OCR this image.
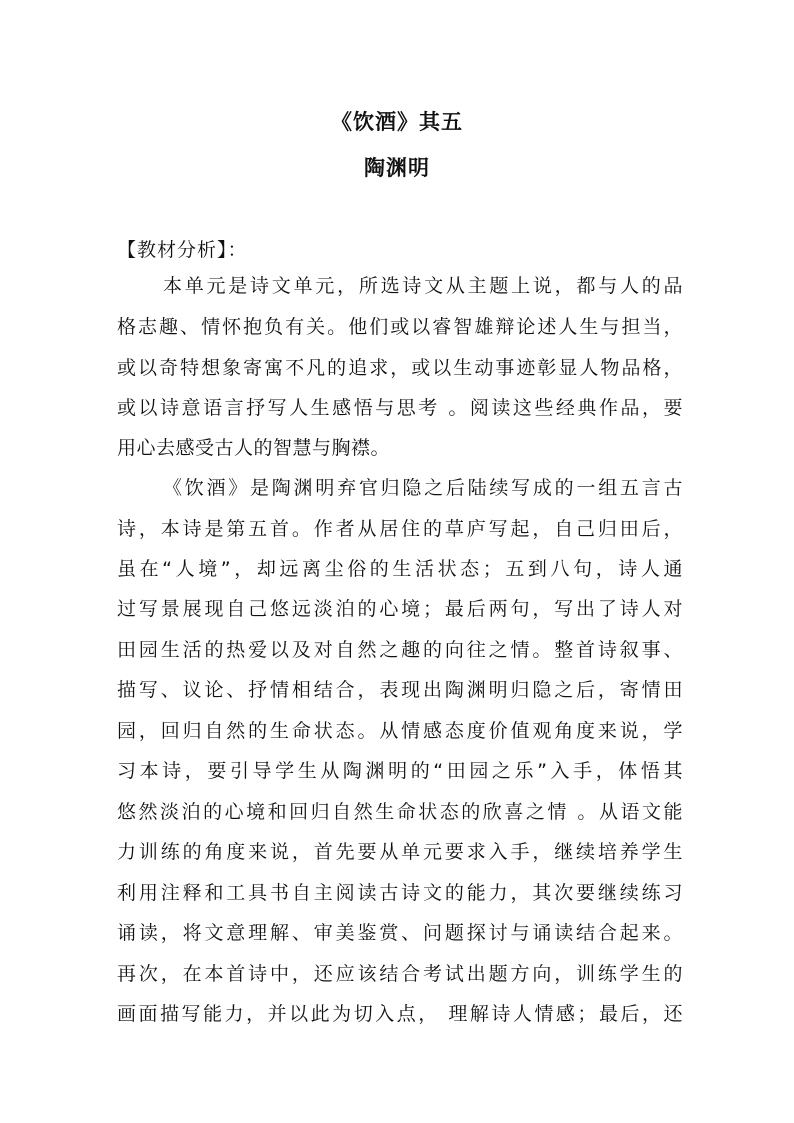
《饮酒》其五
陶渊明
【教材分析】：
本单元是诗文单元，所选诗文从主题上说，都与人的品
格志趣、情怀抱负有关。他们或以睿智雄辩论述人生与担当，
或以奇特想象寄寓不凡的追求，或以生动事迹彰显人物品格，
或以诗意语言抒写人生感悟与思考 。阅读这些经典作品，要
用心去感受古人的智慧与胸襟。
《饮酒》是陶渊明弃官归隐之后陆续写成的一组五言古
诗，本诗是第五首。作者从居住的草庐写起，自己归田后，
虽在“人境”，却远离尘俗的生活状态；五到八句，诗人通
过写景展现自己悠远淡泊的心境；最后两句，写出了诗人对
田园生活的热爱以及对自然之趣的向往之情。整首诗叙事、
描写、议论、抒情相结合，表现出陶渊明归隐之后，寄情田
园，回归自然的生命状态。从情感态度价值观角度来说，学
习本诗，要引导学生从陶渊明的“田园之乐”入手，体悟其
悠然淡泊的心境和回归自然生命状态的欣喜之情 。从语文能
力训练的角度来说，首先要从单元要求入手，继续培养学生
利用注释和工具书自主阅读古诗文的能力，其次要继续练习
诵读，将文意理解、审美鉴赏、问题探讨与诵读结合起来。
再次，在本首诗中，还应该结合考试出题方向，训练学生的
画面描写能力，并以此为切入点， 理解诗人情感；最后，还
